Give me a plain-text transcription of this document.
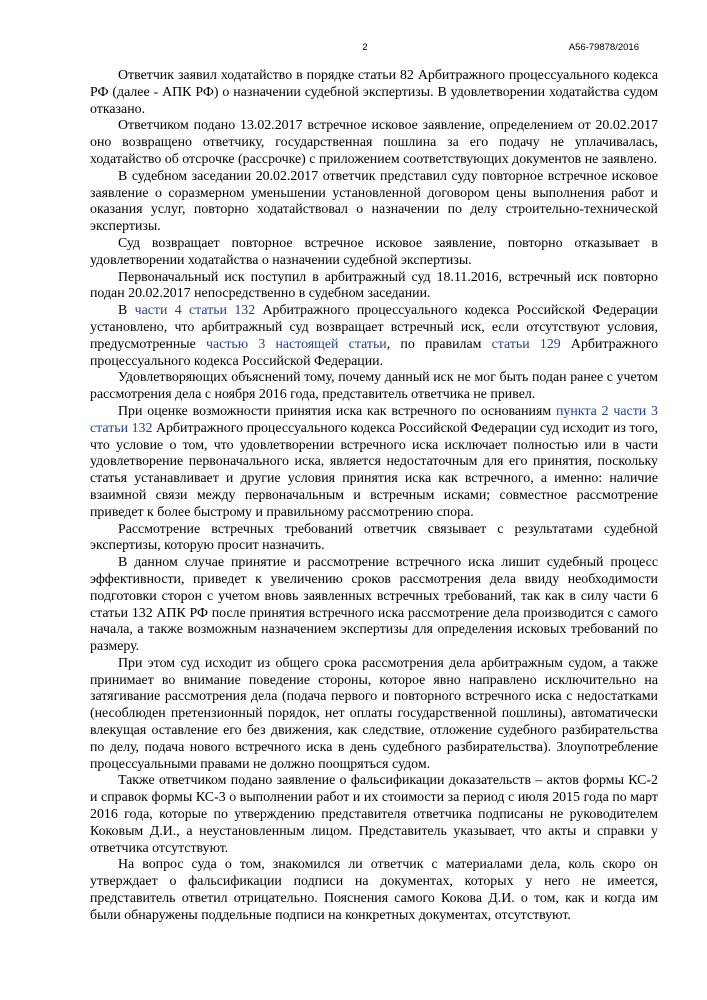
2	А56-79878/2016

Ответчик заявил ходатайство в порядке статьи 82 Арбитражного процессуального кодекса РФ (далее - АПК РФ) о назначении судебной экспертизы. В удовлетворении ходатайства судом отказано.

Ответчиком подано 13.02.2017 встречное исковое заявление, определением от 20.02.2017 оно возвращено ответчику, государственная пошлина за его подачу не уплачивалась, ходатайство об отсрочке (рассрочке) с приложением соответствующих документов не заявлено.

В судебном заседании 20.02.2017 ответчик представил суду повторное встречное исковое заявление о соразмерном уменьшении установленной договором цены выполнения работ и оказания услуг, повторно ходатайствовал о назначении по делу строительно-технической экспертизы.

Суд возвращает повторное встречное исковое заявление, повторно отказывает в удовлетворении ходатайства о назначении судебной экспертизы.

Первоначальный иск поступил в арбитражный суд 18.11.2016, встречный иск повторно подан 20.02.2017 непосредственно в судебном заседании.

В части 4 статьи 132 Арбитражного процессуального кодекса Российской Федерации установлено, что арбитражный суд возвращает встречный иск, если отсутствуют условия, предусмотренные частью 3 настоящей статьи, по правилам статьи 129 Арбитражного процессуального кодекса Российской Федерации.

Удовлетворяющих объяснений тому, почему данный иск не мог быть подан ранее с учетом рассмотрения дела с ноября 2016 года, представитель ответчика не привел.

При оценке возможности принятия иска как встречного по основаниям пункта 2 части 3 статьи 132 Арбитражного процессуального кодекса Российской Федерации суд исходит из того, что условие о том, что удовлетворении встречного иска исключает полностью или в части удовлетворение первоначального иска, является недостаточным для его принятия, поскольку статья устанавливает и другие условия принятия иска как встречного, а именно: наличие взаимной связи между первоначальным и встречным исками; совместное рассмотрение приведет к более быстрому и правильному рассмотрению спора.

Рассмотрение встречных требований ответчик связывает с результатами судебной экспертизы, которую просит назначить.

В данном случае принятие и рассмотрение встречного иска лишит судебный процесс эффективности, приведет к увеличению сроков рассмотрения дела ввиду необходимости подготовки сторон с учетом вновь заявленных встречных требований, так как в силу части 6 статьи 132 АПК РФ после принятия встречного иска рассмотрение дела производится с самого начала, а также возможным назначением экспертизы для определения исковых требований по размеру.

При этом суд исходит из общего срока рассмотрения дела арбитражным судом, а также принимает во внимание поведение стороны, которое явно направлено исключительно на затягивание рассмотрения дела (подача первого и повторного встречного иска с недостатками (несоблюден претензионный порядок, нет оплаты государственной пошлины), автоматически влекущая оставление его без движения, как следствие, отложение судебного разбирательства по делу, подача нового встречного иска в день судебного разбирательства). Злоупотребление процессуальными правами не должно поощряться судом.

Также ответчиком подано заявление о фальсификации доказательств – актов формы КС-2 и справок формы КС-3 о выполнении работ и их стоимости за период с июля 2015 года по март 2016 года, которые по утверждению представителя ответчика подписаны не руководителем Коковым Д.И., а неустановленным лицом. Представитель указывает, что акты и справки у ответчика отсутствуют.

На вопрос суда о том, знакомился ли ответчик с материалами дела, коль скоро он утверждает о фальсификации подписи на документах, которых у него не имеется, представитель ответил отрицательно. Пояснения самого Кокова Д.И. о том, как и когда им были обнаружены поддельные подписи на конкретных документах, отсутствуют.
